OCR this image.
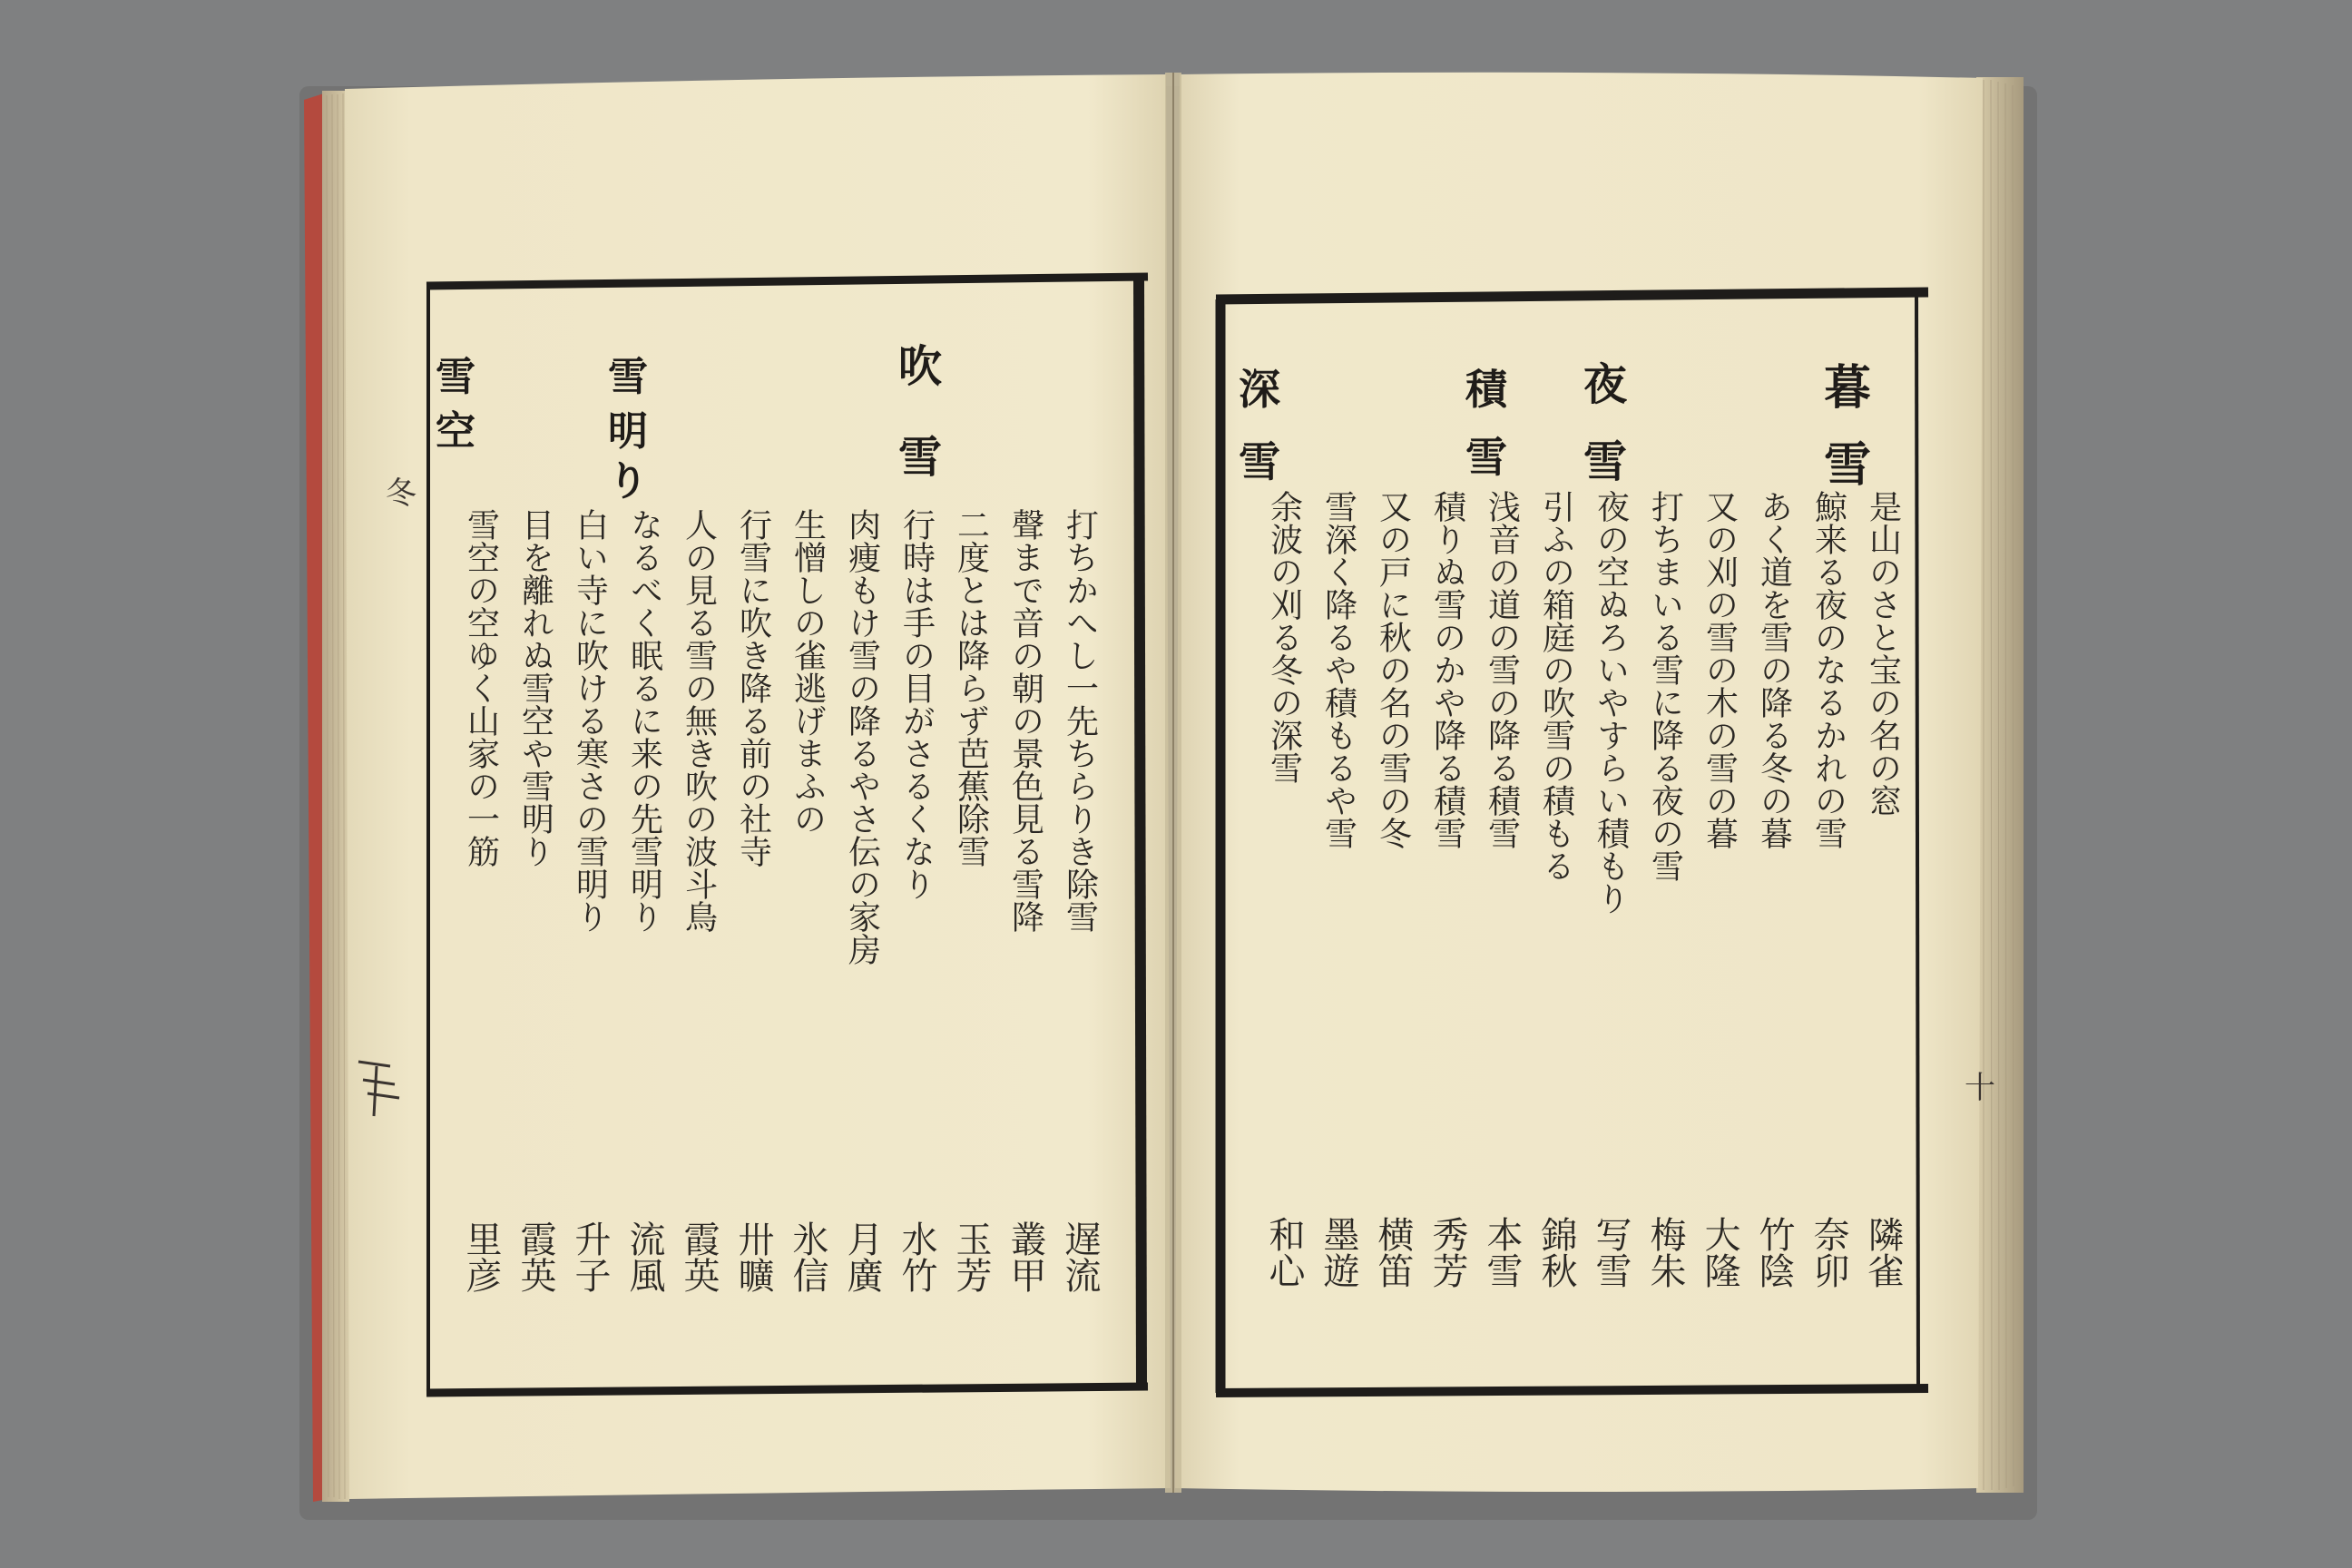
冬
十
吹 雪
雪 明 り
雪 空
打ちかへし一先ちらりき除雪
遅流
聲まで音の朝の景色見る雪降
叢甲
二度とは降らず芭蕉除雪
玉芳
行時は手の目がさるくなり
水竹
肉痩もけ雪の降るやさ伝の家房
月廣
生憎しの雀逃げまふの
氷信
行雪に吹き降る前の社寺
卅曠
人の見る雪の無き吹の波斗鳥
霞英
なるべく眠るに来の先雪明り
流風
白い寺に吹ける寒さの雪明り
升子
目を離れぬ雪空や雪明り
霞英
雪空の空ゆく山家の一筋
里彦
暮 雪
夜 雪
積 雪
深 雪
是山のさと宝の名の窓
隣雀
鯨来る夜のなるかれの雪
奈卯
あく道を雪の降る冬の暮
竹陰
又の刈の雪の木の雪の暮
大隆
打ちまいる雪に降る夜の雪
梅朱
夜の空ぬろいやすらい積もり
写雪
引ふの箱庭の吹雪の積もる
錦秋
浅音の道の雪の降る積雪
本雪
積りぬ雪のかや降る積雪
秀芳
又の戸に秋の名の雪の冬
横笛
雪深く降るや積もるや雪
墨遊
余波の刈る冬の深雪
和心
